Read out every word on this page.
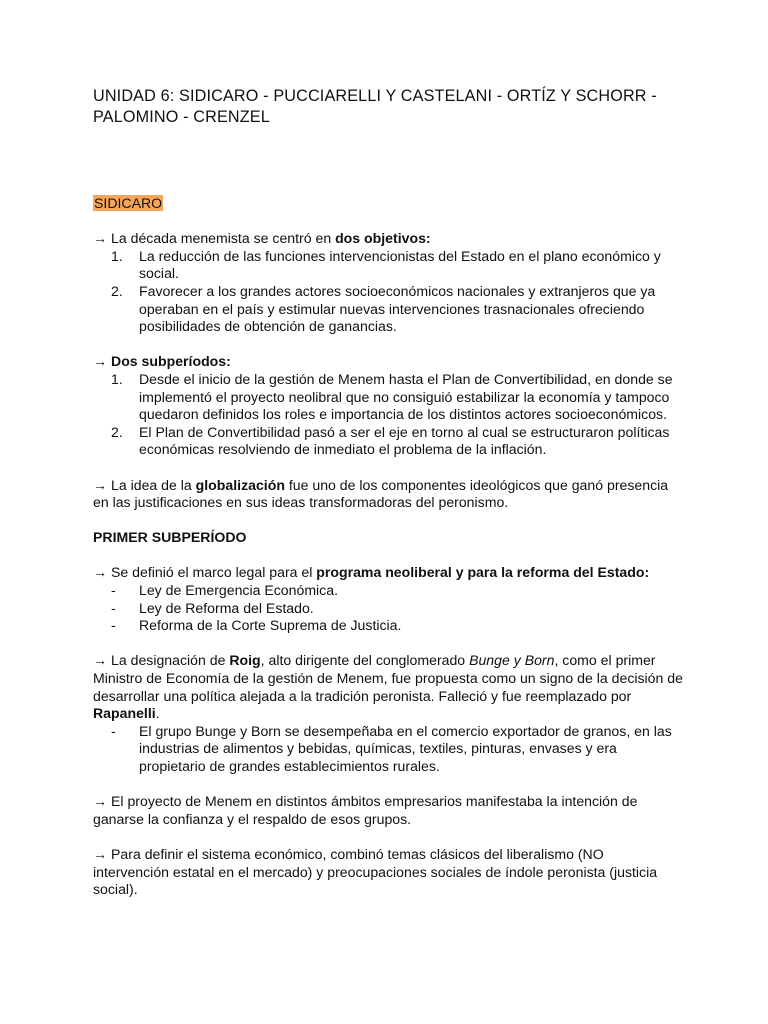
UNIDAD 6: SIDICARO - PUCCIARELLI Y CASTELANI - ORTÍZ Y SCHORR - PALOMINO - CRENZEL

SIDICARO

→ La década menemista se centró en dos objetivos:

1.	La reducción de las funciones intervencionistas del Estado en el plano económico y social.
2.	Favorecer a los grandes actores socioeconómicos nacionales y extranjeros que ya operaban en el país y estimular nuevas intervenciones trasnacionales ofreciendo posibilidades de obtención de ganancias.

→ Dos subperíodos:

1.	Desde el inicio de la gestión de Menem hasta el Plan de Convertibilidad, en donde se implementó el proyecto neolibral que no consiguió estabilizar la economía y tampoco quedaron definidos los roles e importancia de los distintos actores socioeconómicos.
2.	El Plan de Convertibilidad pasó a ser el eje en torno al cual se estructuraron políticas económicas resolviendo de inmediato el problema de la inflación.

→ La idea de la globalización fue uno de los componentes ideológicos que ganó presencia en las justificaciones en sus ideas transformadoras del peronismo.

PRIMER SUBPERÍODO

→ Se definió el marco legal para el programa neoliberal y para la reforma del Estado:

-	Ley de Emergencia Económica.
-	Ley de Reforma del Estado.
-	Reforma de la Corte Suprema de Justicia.

→ La designación de Roig, alto dirigente del conglomerado Bunge y Born, como el primer Ministro de Economía de la gestión de Menem, fue propuesta como un signo de la decisión de desarrollar una política alejada a la tradición peronista. Falleció y fue reemplazado por Rapanelli.

-	El grupo Bunge y Born se desempeñaba en el comercio exportador de granos, en las industrias de alimentos y bebidas, químicas, textiles, pinturas, envases y era propietario de grandes establecimientos rurales.

→ El proyecto de Menem en distintos ámbitos empresarios manifestaba la intención de ganarse la confianza y el respaldo de esos grupos.

→ Para definir el sistema económico, combinó temas clásicos del liberalismo (NO intervención estatal en el mercado) y preocupaciones sociales de índole peronista (justicia social).
